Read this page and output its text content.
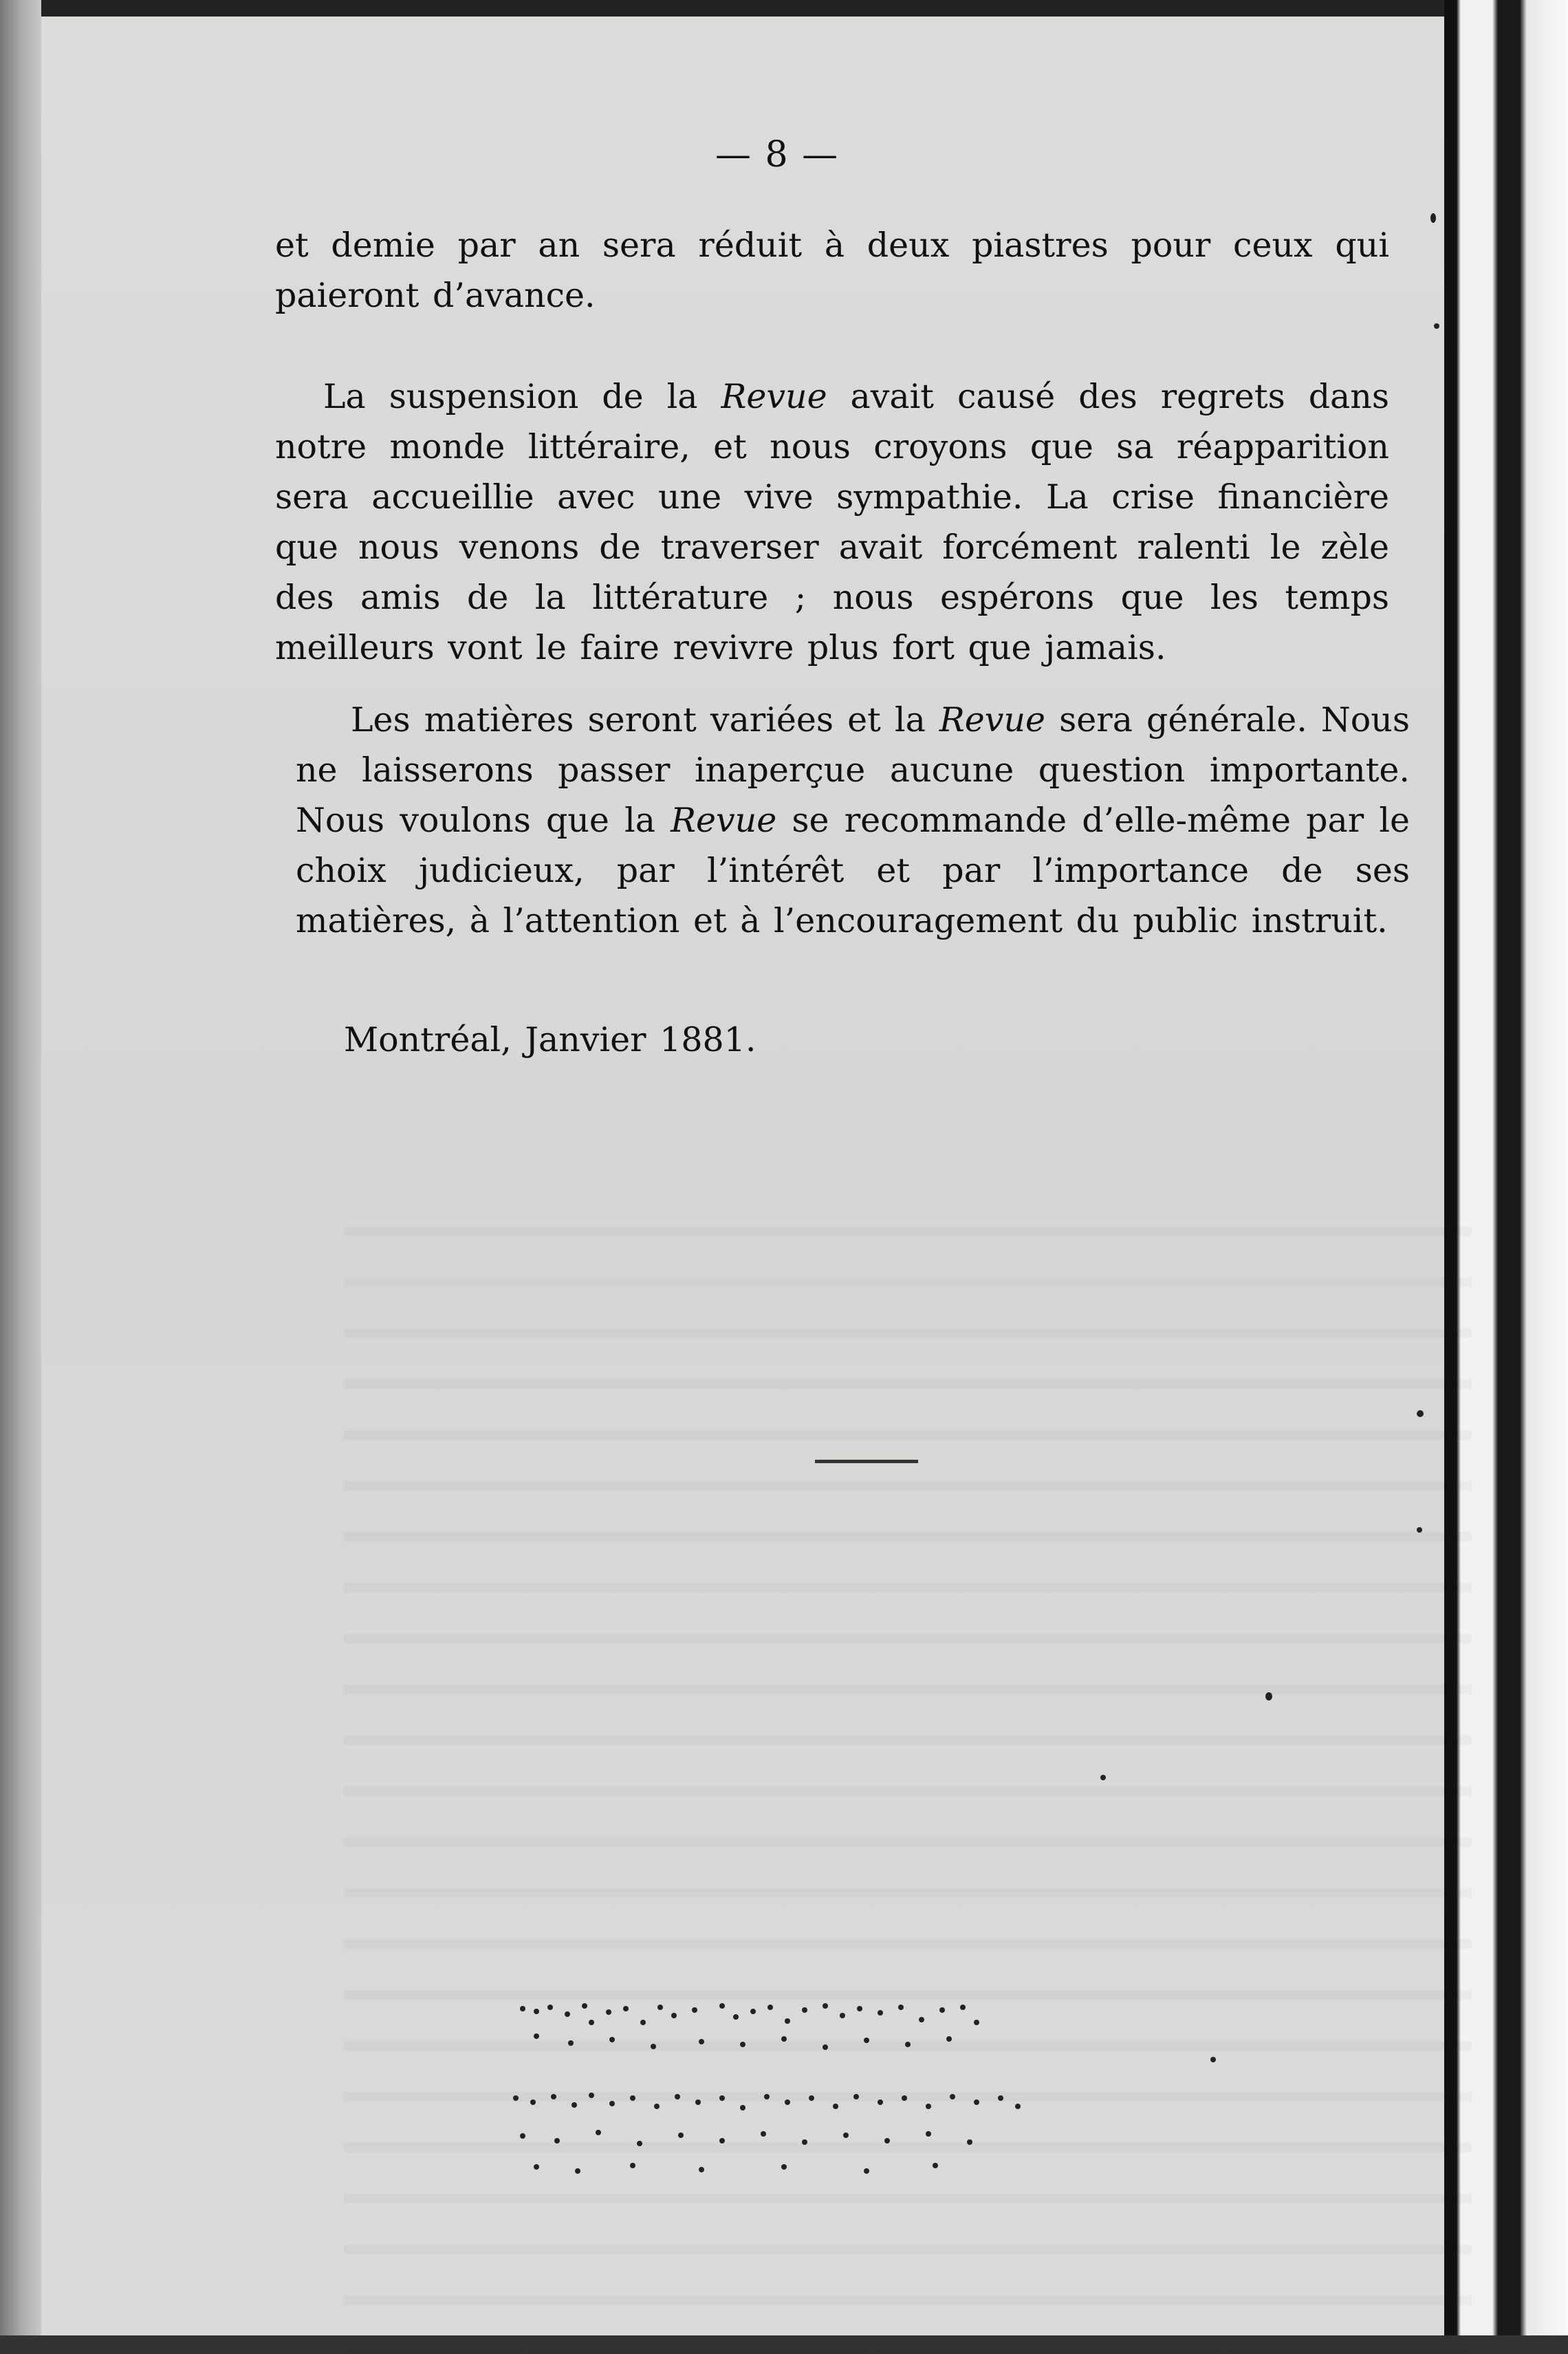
— 8 —
et demie par an sera réduit à deux piastres pour ceux qui paieront d’avance.
La suspension de la Revue avait causé des regrets dans notre monde littéraire, et nous croyons que sa réapparition sera accueillie avec une vive sympathie. La crise financière que nous venons de traverser avait forcément ralenti le zèle des amis de la littérature ; nous espérons que les temps meilleurs vont le faire revivre plus fort que jamais.
Les matières seront variées et la Revue sera générale. Nous ne laisserons passer inaperçue aucune question importante. Nous voulons que la Revue se recommande d’elle-même par le choix judicieux, par l’intérêt et par l’importance de ses matières, à l’attention et à l’encouragement du public instruit.
Montréal, Janvier 1881.
